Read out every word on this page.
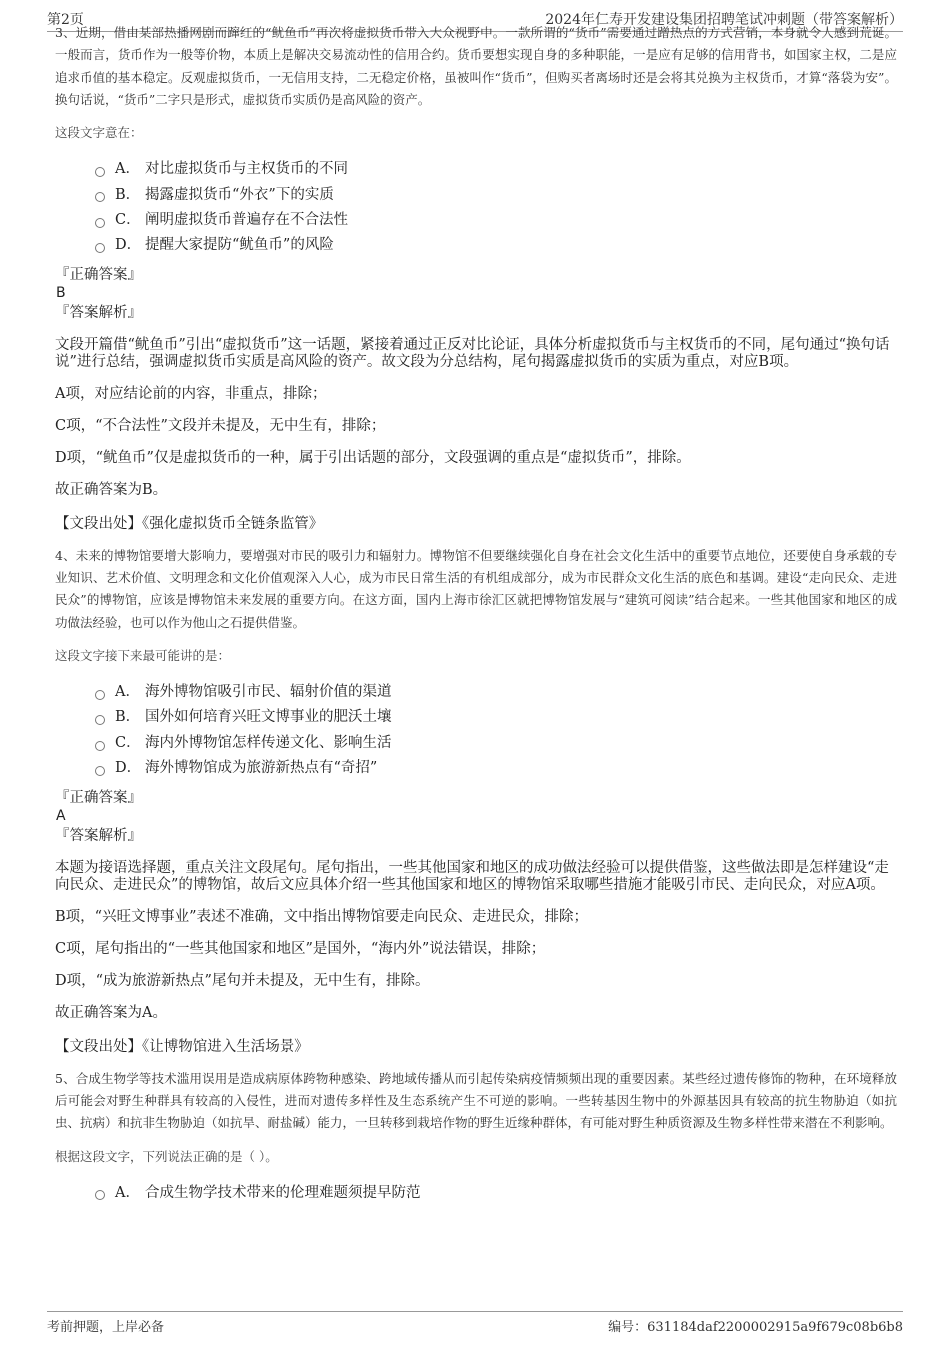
第2页	2024年仁寿开发建设集团招聘笔试冲刺题（带答案解析）

3、近期，借由某部热播网剧而蹿红的“鱿鱼币”再次将虚拟货币带入大众视野中。一款所谓的“货币”需要通过蹭热点的方式营销，本身就令人感到荒诞。一般而言，货币作为一般等价物，本质上是解决交易流动性的信用合约。货币要想实现自身的多种职能，一是应有足够的信用背书，如国家主权，二是应追求币值的基本稳定。反观虚拟货币，一无信用支持，二无稳定价格，虽被叫作“货币”，但购买者离场时还是会将其兑换为主权货币，才算“落袋为安”。换句话说，“货币”二字只是形式，虚拟货币实质仍是高风险的资产。

这段文字意在：

A． 对比虚拟货币与主权货币的不同
B． 揭露虚拟货币“外衣”下的实质
C． 阐明虚拟货币普遍存在不合法性
D． 提醒大家提防“鱿鱼币”的风险

『正确答案』

B

『答案解析』

文段开篇借“鱿鱼币”引出“虚拟货币”这一话题，紧接着通过正反对比论证，具体分析虚拟货币与主权货币的不同，尾句通过“换句话说”进行总结，强调虚拟货币实质是高风险的资产。故文段为分总结构，尾句揭露虚拟货币的实质为重点，对应B项。

A项，对应结论前的内容，非重点，排除；

C项，“不合法性”文段并未提及，无中生有，排除；

D项，“鱿鱼币”仅是虚拟货币的一种，属于引出话题的部分，文段强调的重点是“虚拟货币”，排除。

故正确答案为B。

【文段出处】《强化虚拟货币全链条监管》

4、未来的博物馆要增大影响力，要增强对市民的吸引力和辐射力。博物馆不但要继续强化自身在社会文化生活中的重要节点地位，还要使自身承载的专业知识、艺术价值、文明理念和文化价值观深入人心，成为市民日常生活的有机组成部分，成为市民群众文化生活的底色和基调。建设“走向民众、走进民众”的博物馆，应该是博物馆未来发展的重要方向。在这方面，国内上海市徐汇区就把博物馆发展与“建筑可阅读”结合起来。一些其他国家和地区的成功做法经验，也可以作为他山之石提供借鉴。

这段文字接下来最可能讲的是：

A． 海外博物馆吸引市民、辐射价值的渠道
B． 国外如何培育兴旺文博事业的肥沃土壤
C． 海内外博物馆怎样传递文化、影响生活
D． 海外博物馆成为旅游新热点有“奇招”

『正确答案』

A

『答案解析』

本题为接语选择题，重点关注文段尾句。尾句指出，一些其他国家和地区的成功做法经验可以提供借鉴，这些做法即是怎样建设“走向民众、走进民众”的博物馆，故后文应具体介绍一些其他国家和地区的博物馆采取哪些措施才能吸引市民、走向民众，对应A项。

B项，“兴旺文博事业”表述不准确，文中指出博物馆要走向民众、走进民众，排除；

C项，尾句指出的“一些其他国家和地区”是国外，“海内外”说法错误，排除；

D项，“成为旅游新热点”尾句并未提及，无中生有，排除。

故正确答案为A。

【文段出处】《让博物馆进入生活场景》

5、合成生物学等技术滥用误用是造成病原体跨物种感染、跨地域传播从而引起传染病疫情频频出现的重要因素。某些经过遗传修饰的物种，在环境释放后可能会对野生种群具有较高的入侵性，进而对遗传多样性及生态系统产生不可逆的影响。一些转基因生物中的外源基因具有较高的抗生物胁迫（如抗虫、抗病）和抗非生物胁迫（如抗旱、耐盐碱）能力，一旦转移到栽培作物的野生近缘种群体，有可能对野生种质资源及生物多样性带来潜在不利影响。

根据这段文字，下列说法正确的是（ ）。

A． 合成生物学技术带来的伦理难题须提早防范
考前押题，上岸必备	编号：631184daf2200002915a9f679c08b6b8
